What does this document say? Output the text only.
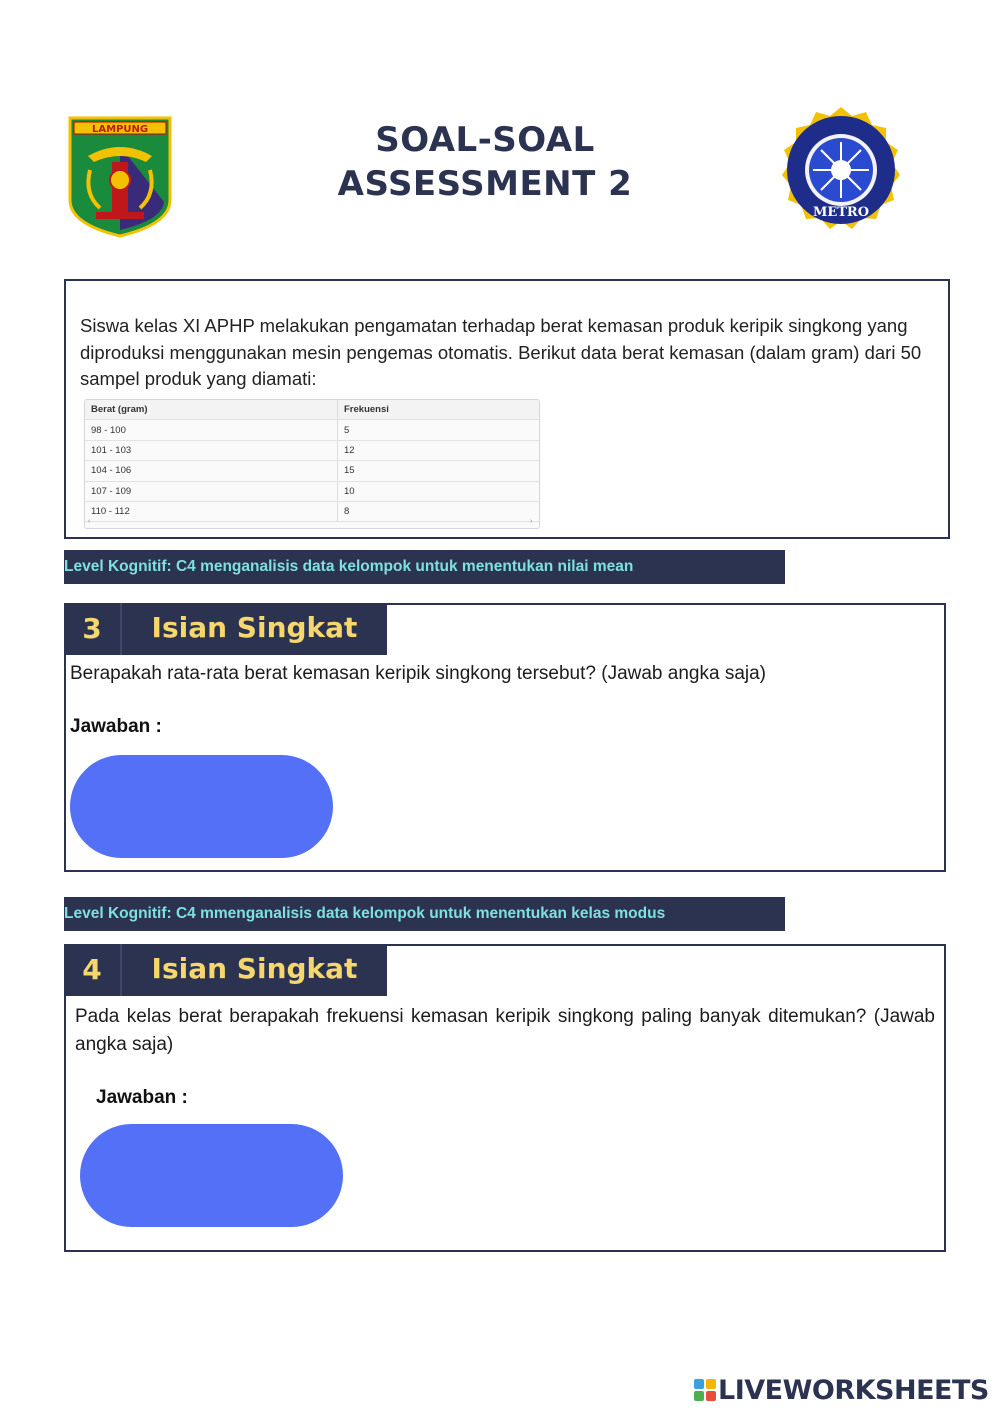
SOAL-SOAL
ASSESSMENT 2
LAMPUNG
METRO
Siswa kelas XI APHP melakukan pengamatan terhadap berat kemasan produk keripik singkong yang diproduksi menggunakan mesin pengemas otomatis. Berikut data berat kemasan (dalam gram) dari 50 sampel produk yang diamati:
Berat (gram)	Frekuensi
98 - 100	5
101 - 103	12
104 - 106	15
107 - 109	10
110 - 112	8
‹	›
Level Kognitif: C4 menganalisis data kelompok untuk menentukan nilai mean
3	Isian Singkat
Berapakah rata-rata berat kemasan keripik singkong tersebut? (Jawab angka saja)
Jawaban :
Level Kognitif: C4 mmenganalisis data kelompok untuk menentukan kelas modus
4	Isian Singkat
Pada kelas berat berapakah frekuensi kemasan keripik singkong paling banyak ditemukan? (Jawab angka saja)
Jawaban :
LIVEWORKSHEETS
